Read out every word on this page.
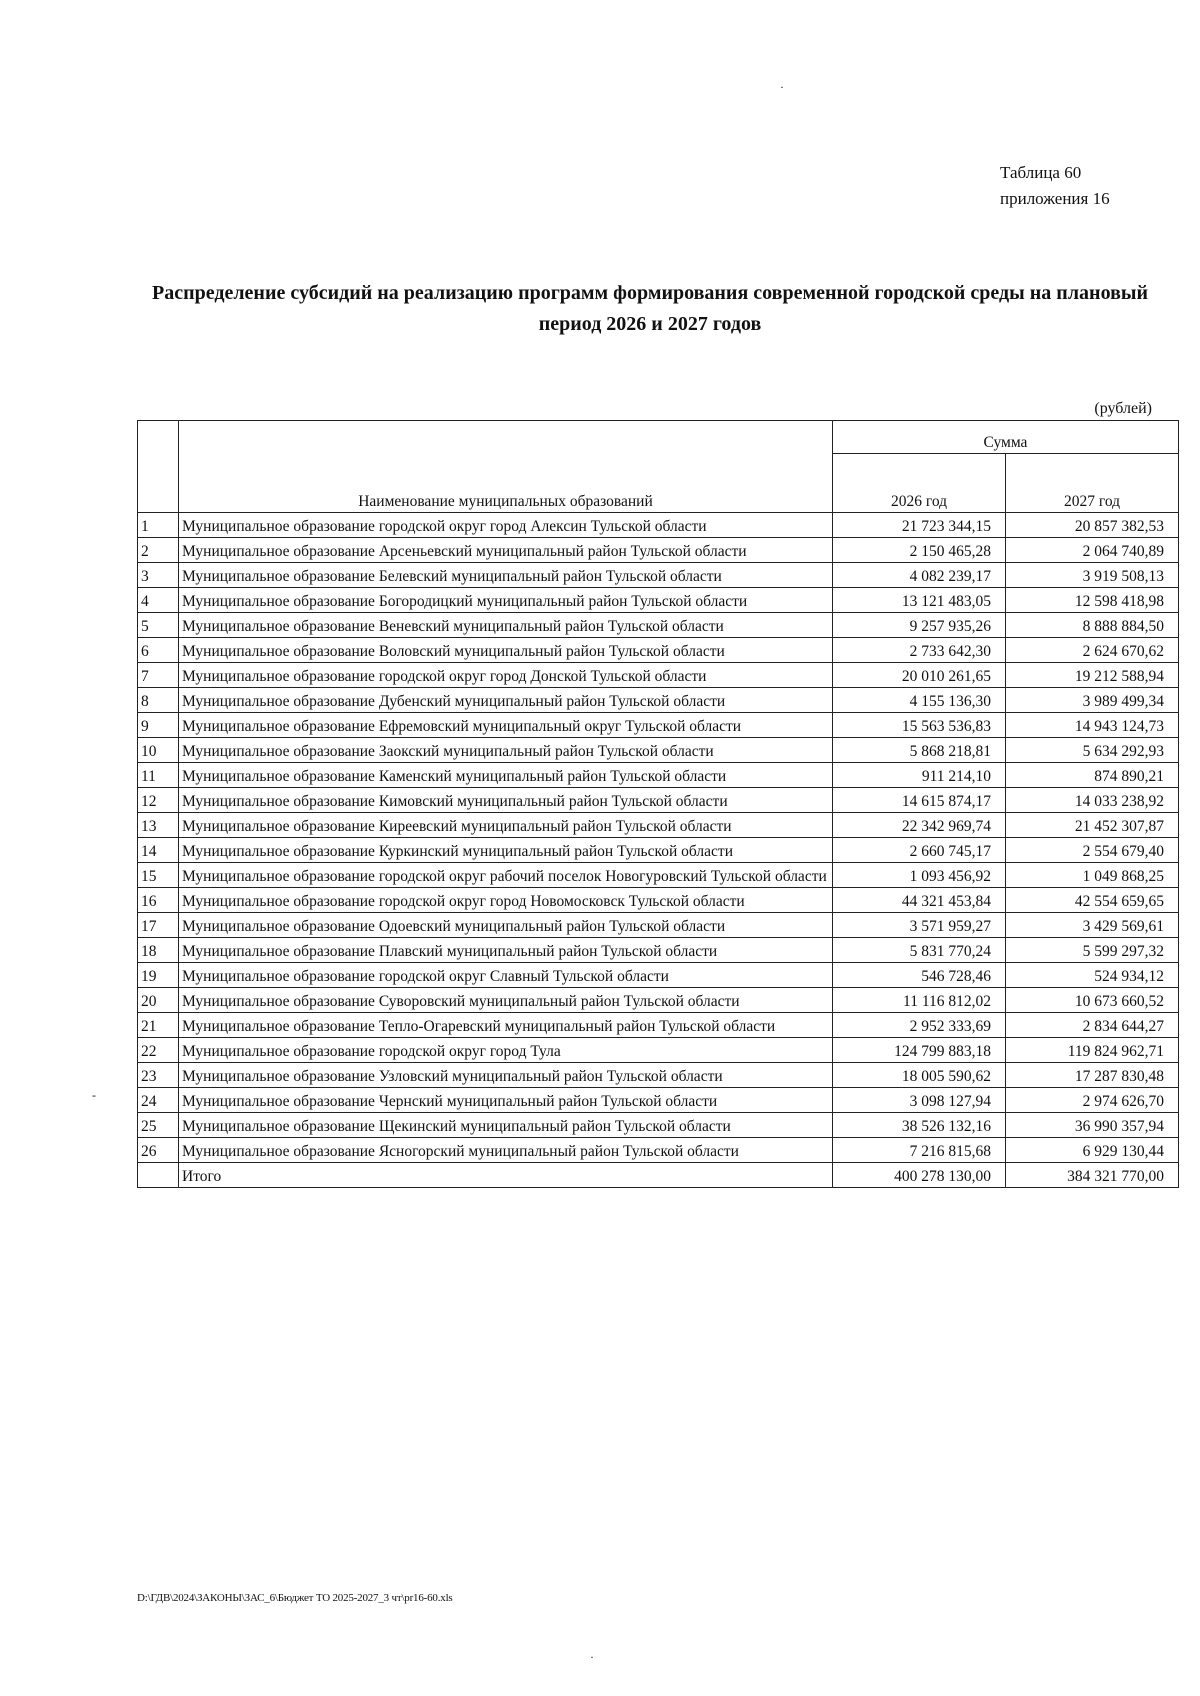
Таблица 60
приложения 16
Распределение субсидий на реализацию программ формирования современной городской среды на плановый период 2026 и 2027 годов
(рублей)
	Наименование муниципальных образований	Сумма	
		2026 год	2027 год
1	Муниципальное образование городской округ город Алексин Тульской области	21 723 344,15	20 857 382,53
2	Муниципальное образование Арсеньевский муниципальный район Тульской области	2 150 465,28	2 064 740,89
3	Муниципальное образование Белевский муниципальный район Тульской области	4 082 239,17	3 919 508,13
4	Муниципальное образование Богородицкий муниципальный район Тульской области	13 121 483,05	12 598 418,98
5	Муниципальное образование Веневский муниципальный район Тульской области	9 257 935,26	8 888 884,50
6	Муниципальное образование Воловский муниципальный район Тульской области	2 733 642,30	2 624 670,62
7	Муниципальное образование городской округ город Донской Тульской области	20 010 261,65	19 212 588,94
8	Муниципальное образование Дубенский муниципальный район Тульской области	4 155 136,30	3 989 499,34
9	Муниципальное образование Ефремовский муниципальный округ Тульской области	15 563 536,83	14 943 124,73
10	Муниципальное образование Заокский муниципальный район Тульской области	5 868 218,81	5 634 292,93
11	Муниципальное образование Каменский муниципальный район Тульской области	911 214,10	874 890,21
12	Муниципальное образование Кимовский муниципальный район Тульской области	14 615 874,17	14 033 238,92
13	Муниципальное образование Киреевский муниципальный район Тульской области	22 342 969,74	21 452 307,87
14	Муниципальное образование Куркинский муниципальный район Тульской области	2 660 745,17	2 554 679,40
15	Муниципальное образование городской округ рабочий поселок Новогуровский Тульской области	1 093 456,92	1 049 868,25
16	Муниципальное образование городской округ город Новомосковск Тульской области	44 321 453,84	42 554 659,65
17	Муниципальное образование Одоевский муниципальный район Тульской области	3 571 959,27	3 429 569,61
18	Муниципальное образование Плавский муниципальный район Тульской области	5 831 770,24	5 599 297,32
19	Муниципальное образование городской округ Славный Тульской области	546 728,46	524 934,12
20	Муниципальное образование Суворовский муниципальный район Тульской области	11 116 812,02	10 673 660,52
21	Муниципальное образование Тепло-Огаревский муниципальный район Тульской области	2 952 333,69	2 834 644,27
22	Муниципальное образование городской округ город Тула	124 799 883,18	119 824 962,71
23	Муниципальное образование Узловский муниципальный район Тульской области	18 005 590,62	17 287 830,48
24	Муниципальное образование Чернский муниципальный район Тульской области	3 098 127,94	2 974 626,70
25	Муниципальное образование Щекинский муниципальный район Тульской области	38 526 132,16	36 990 357,94
26	Муниципальное образование Ясногорский муниципальный район Тульской области	7 216 815,68	6 929 130,44
	Итого	400 278 130,00	384 321 770,00
D:\ГДВ\2024\ЗАКОНЫ\ЗАС_6\Бюджет ТО 2025-2027_3 чт\pr16-60.xls
·
-
·
